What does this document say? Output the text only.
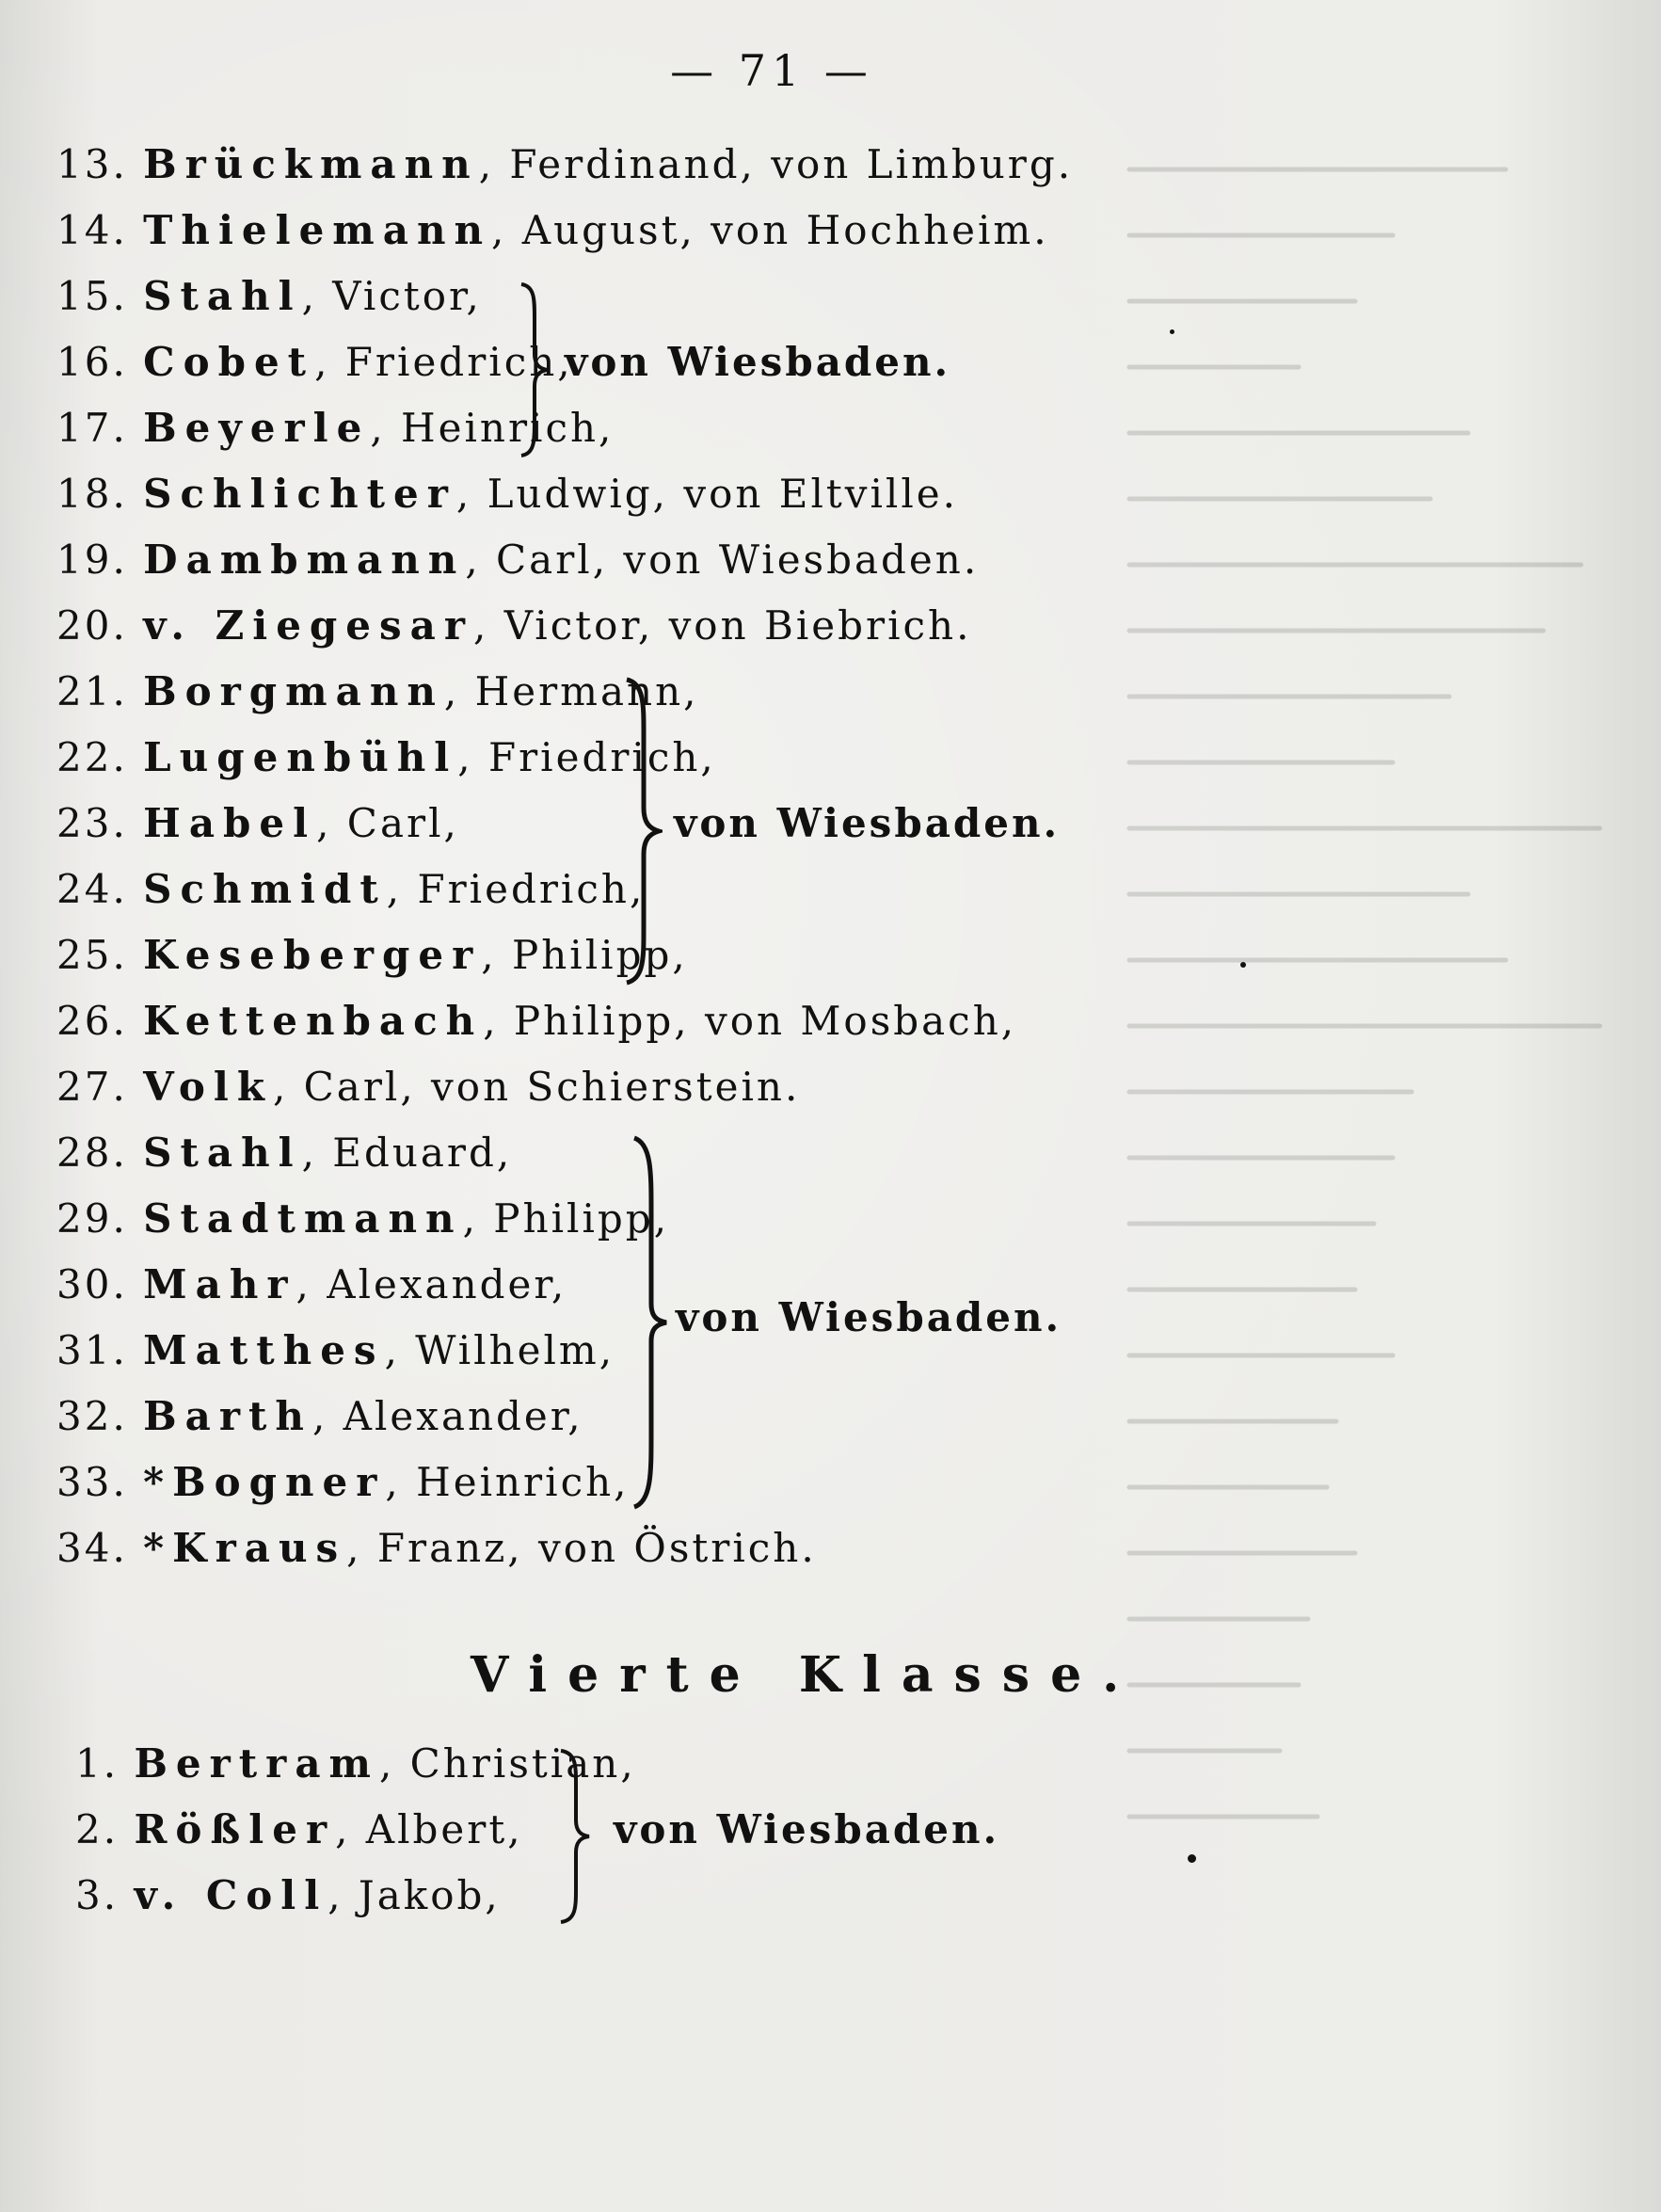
— 71 —
13. Brückmann, Ferdinand, von Limburg.
14. Thielemann, August, von Hochheim.
15. Stahl, Victor,
16. Cobet, Friedrich,
17. Beyerle, Heinrich,
18. Schlichter, Ludwig, von Eltville.
19. Dambmann, Carl, von Wiesbaden.
20. v. Ziegesar, Victor, von Biebrich.
21. Borgmann, Hermann,
22. Lugenbühl, Friedrich,
23. Habel, Carl,
24. Schmidt, Friedrich,
25. Keseberger, Philipp,
26. Kettenbach, Philipp, von Mosbach,
27. Volk, Carl, von Schierstein.
28. Stahl, Eduard,
29. Stadtmann, Philipp,
30. Mahr, Alexander,
31. Matthes, Wilhelm,
32. Barth, Alexander,
33. *Bogner, Heinrich,
34. *Kraus, Franz, von Östrich.
von Wiesbaden.
von Wiesbaden.
von Wiesbaden.
Vierte Klasse.
1. Bertram, Christian,
2. Rößler, Albert,
3. v. Coll, Jakob,
von Wiesbaden.
